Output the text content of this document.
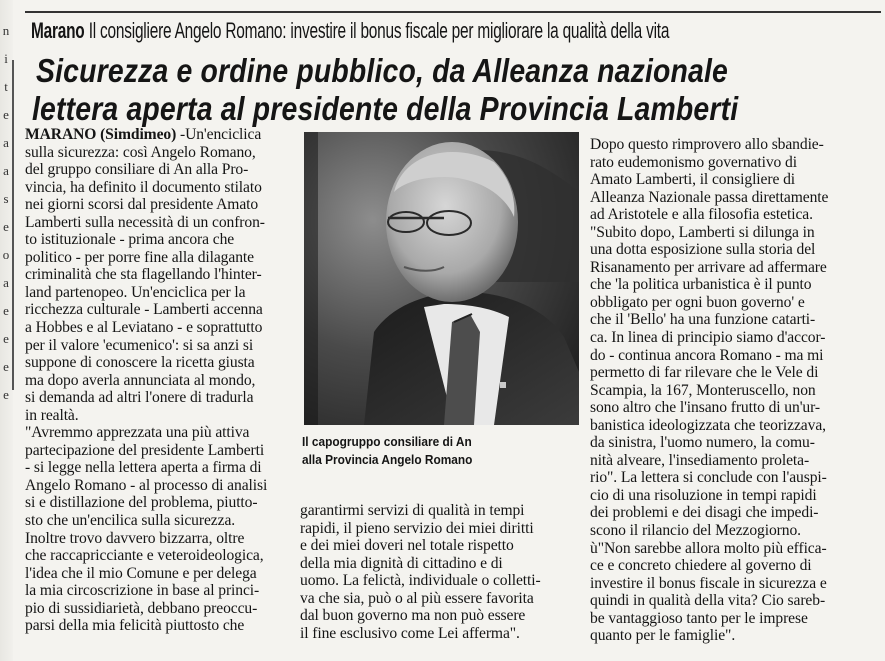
n
i
t
e
a
a
s
e
o
a
e
e
e
e
Marano Il consigliere Angelo Romano: investire il bonus fiscale per migliorare la qualità della vita
Sicurezza e ordine pubblico, da Alleanza nazionale
lettera aperta al presidente della Provincia Lamberti
MARANO (Simdimeo) -Un'enciclica
sulla sicurezza: così Angelo Romano,
del gruppo consiliare di An alla Pro-
vincia, ha definito il documento stilato
nei giorni scorsi dal presidente Amato
Lamberti sulla necessità di un confron-
to istituzionale - prima ancora che
politico - per porre fine alla dilagante
criminalità che sta flagellando l'hinter-
land partenopeo. Un'enciclica per la
ricchezza culturale - Lamberti accenna
a Hobbes e al Leviatano - e soprattutto
per il valore 'ecumenico': si sa anzi si
suppone di conoscere la ricetta giusta
ma dopo averla annunciata al mondo,
si demanda ad altri l'onere di tradurla
in realtà.
"Avremmo apprezzata una più attiva
partecipazione del presidente Lamberti
- si legge nella lettera aperta a firma di
Angelo Romano - al processo di analisi
si e distillazione del problema, piutto-
sto che un'encilica sulla sicurezza.
Inoltre trovo davvero bizzarra, oltre
che raccapricciante e veteroideologica,
l'idea che il mio Comune e per delega
la mia circoscrizione in base al princi-
pio di sussidiarietà, debbano preoccu-
parsi della mia felicità piuttosto che
Il capogruppo consiliare di An
alla Provincia Angelo Romano
garantirmi servizi di qualità in tempi
rapidi, il pieno servizio dei miei diritti
e dei miei doveri nel totale rispetto
della mia dignità di cittadino e di
uomo. La felictà, individuale o colletti-
va che sia, può o al più essere favorita
dal buon governo ma non può essere
il fine esclusivo come Lei afferma".
Dopo questo rimprovero allo sbandie-
rato eudemonismo governativo di
Amato Lamberti, il consigliere di
Alleanza Nazionale passa direttamente
ad Aristotele e alla filosofia estetica.
"Subito dopo, Lamberti si dilunga in
una dotta esposizione sulla storia del
Risanamento per arrivare ad affermare
che 'la politica urbanistica è il punto
obbligato per ogni buon governo' e
che il 'Bello' ha una funzione catarti-
ca. In linea di principio siamo d'accor-
do - continua ancora Romano - ma mi
permetto di far rilevare che le Vele di
Scampia, la 167, Monteruscello, non
sono altro che l'insano frutto di un'ur-
banistica ideologizzata che teorizzava,
da sinistra, l'uomo numero, la comu-
nità alveare, l'insediamento proleta-
rio". La lettera si conclude con l'auspi-
cio di una risoluzione in tempi rapidi
dei problemi e dei disagi che impedi-
scono il rilancio del Mezzogiorno.
ù"Non sarebbe allora molto più effica-
ce e concreto chiedere al governo di
investire il bonus fiscale in sicurezza e
quindi in qualità della vita? Cio sareb-
be vantaggioso tanto per le imprese
quanto per le famiglie".
